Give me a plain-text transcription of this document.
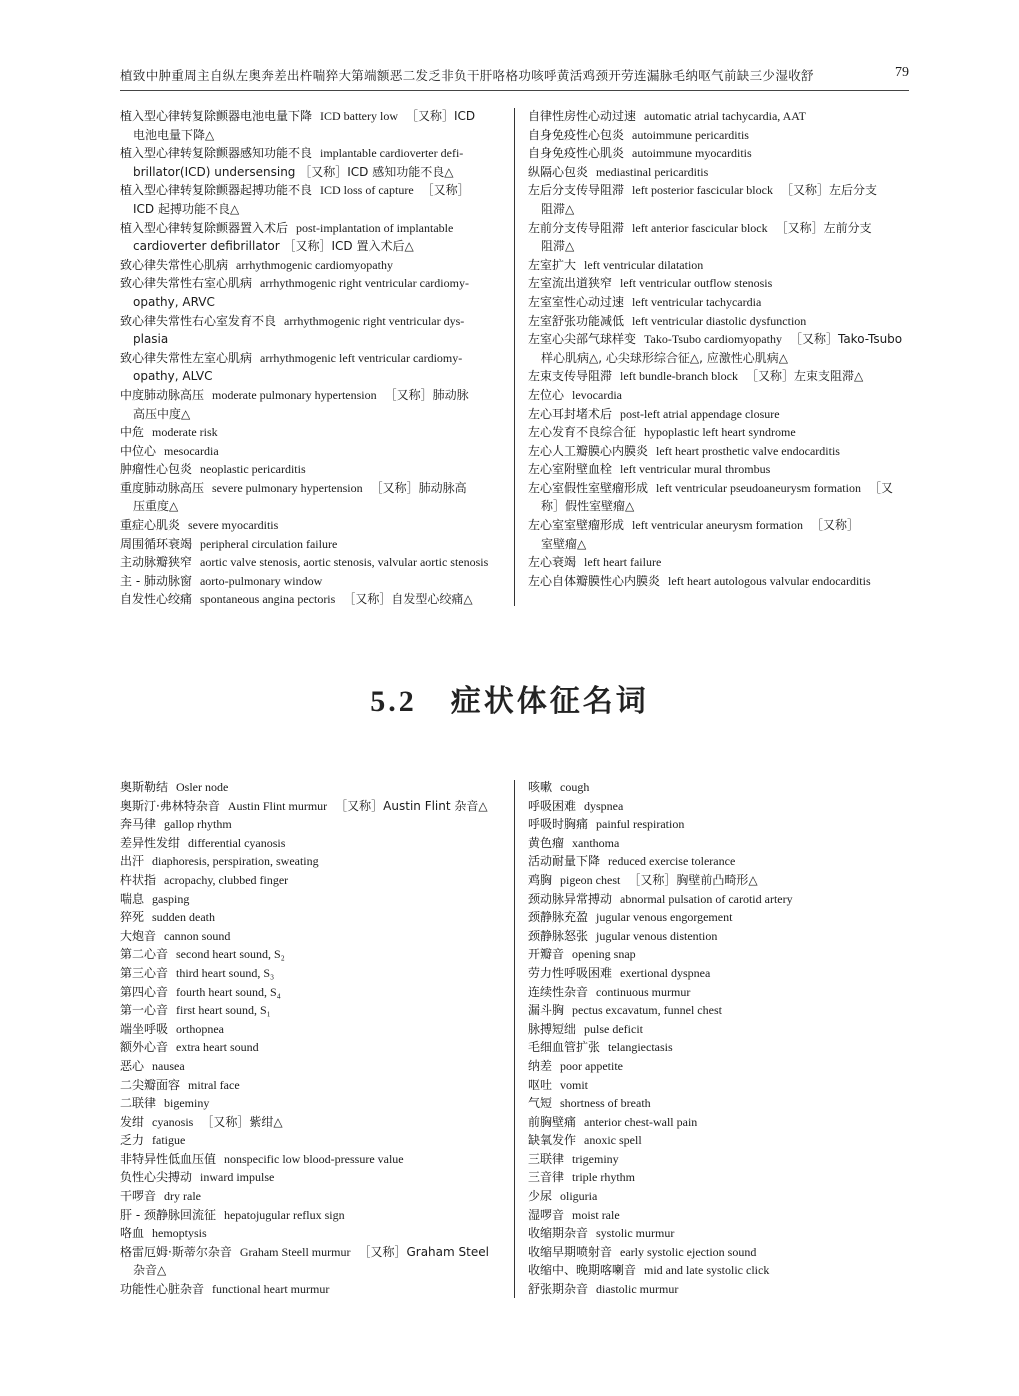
植致中肿重周主自纵左奥奔差出杵喘猝大第端额恶二发乏非负干肝咯格功咳呼黄活鸡颈开劳连漏脉毛纳呕气前缺三少湿收舒	79
植入型心律转复除颤器电池电量下降 ICD battery low ［又称］ICD
电池电量下降△
植入型心律转复除颤器感知功能不良 implantable cardioverter defi-
brillator(ICD) undersensing ［又称］ICD 感知功能不良△
植入型心律转复除颤器起搏功能不良 ICD loss of capture ［又称］
ICD 起搏功能不良△
植入型心律转复除颤器置入术后 post-implantation of implantable
cardioverter defibrillator ［又称］ICD 置入术后△
致心律失常性心肌病 arrhythmogenic cardiomyopathy
致心律失常性右室心肌病 arrhythmogenic right ventricular cardiomy-
opathy, ARVC
致心律失常性右心室发育不良 arrhythmogenic right ventricular dys-
plasia
致心律失常性左室心肌病 arrhythmogenic left ventricular cardiomy-
opathy, ALVC
中度肺动脉高压 moderate pulmonary hypertension ［又称］肺动脉
高压中度△
中危 moderate risk
中位心 mesocardia
肿瘤性心包炎 neoplastic pericarditis
重度肺动脉高压 severe pulmonary hypertension ［又称］肺动脉高
压重度△
重症心肌炎 severe myocarditis
周围循环衰竭 peripheral circulation failure
主动脉瓣狭窄 aortic valve stenosis, aortic stenosis, valvular aortic stenosis
主 - 肺动脉窗 aorto-pulmonary window
自发性心绞痛 spontaneous angina pectoris ［又称］自发型心绞痛△
自律性房性心动过速 automatic atrial tachycardia, AAT
自身免疫性心包炎 autoimmune pericarditis
自身免疫性心肌炎 autoimmune myocarditis
纵隔心包炎 mediastinal pericarditis
左后分支传导阻滞 left posterior fascicular block ［又称］左后分支
阻滞△
左前分支传导阻滞 left anterior fascicular block ［又称］左前分支
阻滞△
左室扩大 left ventricular dilatation
左室流出道狭窄 left ventricular outflow stenosis
左室室性心动过速 left ventricular tachycardia
左室舒张功能减低 left ventricular diastolic dysfunction
左室心尖部气球样变 Tako-Tsubo cardiomyopathy ［又称］Tako-Tsubo
样心肌病△, 心尖球形综合征△, 应激性心肌病△
左束支传导阻滞 left bundle-branch block ［又称］左束支阻滞△
左位心 levocardia
左心耳封堵术后 post-left atrial appendage closure
左心发育不良综合征 hypoplastic left heart syndrome
左心人工瓣膜心内膜炎 left heart prosthetic valve endocarditis
左心室附壁血栓 left ventricular mural thrombus
左心室假性室壁瘤形成 left ventricular pseudoaneurysm formation ［又
称］假性室壁瘤△
左心室室壁瘤形成 left ventricular aneurysm formation ［又称］
室壁瘤△
左心衰竭 left heart failure
左心自体瓣膜性心内膜炎 left heart autologous valvular endocarditis
5.2 症状体征名词
奥斯勒结 Osler node
奥斯汀·弗林特杂音 Austin Flint murmur ［又称］Austin Flint 杂音△
奔马律 gallop rhythm
差异性发绀 differential cyanosis
出汗 diaphoresis, perspiration, sweating
杵状指 acropachy, clubbed finger
喘息 gasping
猝死 sudden death
大炮音 cannon sound
第二心音 second heart sound, S₂
第三心音 third heart sound, S₃
第四心音 fourth heart sound, S₄
第一心音 first heart sound, S₁
端坐呼吸 orthopnea
额外心音 extra heart sound
恶心 nausea
二尖瓣面容 mitral face
二联律 bigeminy
发绀 cyanosis ［又称］紫绀△
乏力 fatigue
非特异性低血压值 nonspecific low blood-pressure value
负性心尖搏动 inward impulse
干啰音 dry rale
肝 - 颈静脉回流征 hepatojugular reflux sign
咯血 hemoptysis
格雷厄姆·斯蒂尔杂音 Graham Steell murmur ［又称］Graham Steel
杂音△
功能性心脏杂音 functional heart murmur
咳嗽 cough
呼吸困难 dyspnea
呼吸时胸痛 painful respiration
黄色瘤 xanthoma
活动耐量下降 reduced exercise tolerance
鸡胸 pigeon chest ［又称］胸壁前凸畸形△
颈动脉异常搏动 abnormal pulsation of carotid artery
颈静脉充盈 jugular venous engorgement
颈静脉怒张 jugular venous distention
开瓣音 opening snap
劳力性呼吸困难 exertional dyspnea
连续性杂音 continuous murmur
漏斗胸 pectus excavatum, funnel chest
脉搏短绌 pulse deficit
毛细血管扩张 telangiectasis
纳差 poor appetite
呕吐 vomit
气短 shortness of breath
前胸壁痛 anterior chest-wall pain
缺氧发作 anoxic spell
三联律 trigeminy
三音律 triple rhythm
少尿 oliguria
湿啰音 moist rale
收缩期杂音 systolic murmur
收缩早期喷射音 early systolic ejection sound
收缩中、晚期喀喇音 mid and late systolic click
舒张期杂音 diastolic murmur
